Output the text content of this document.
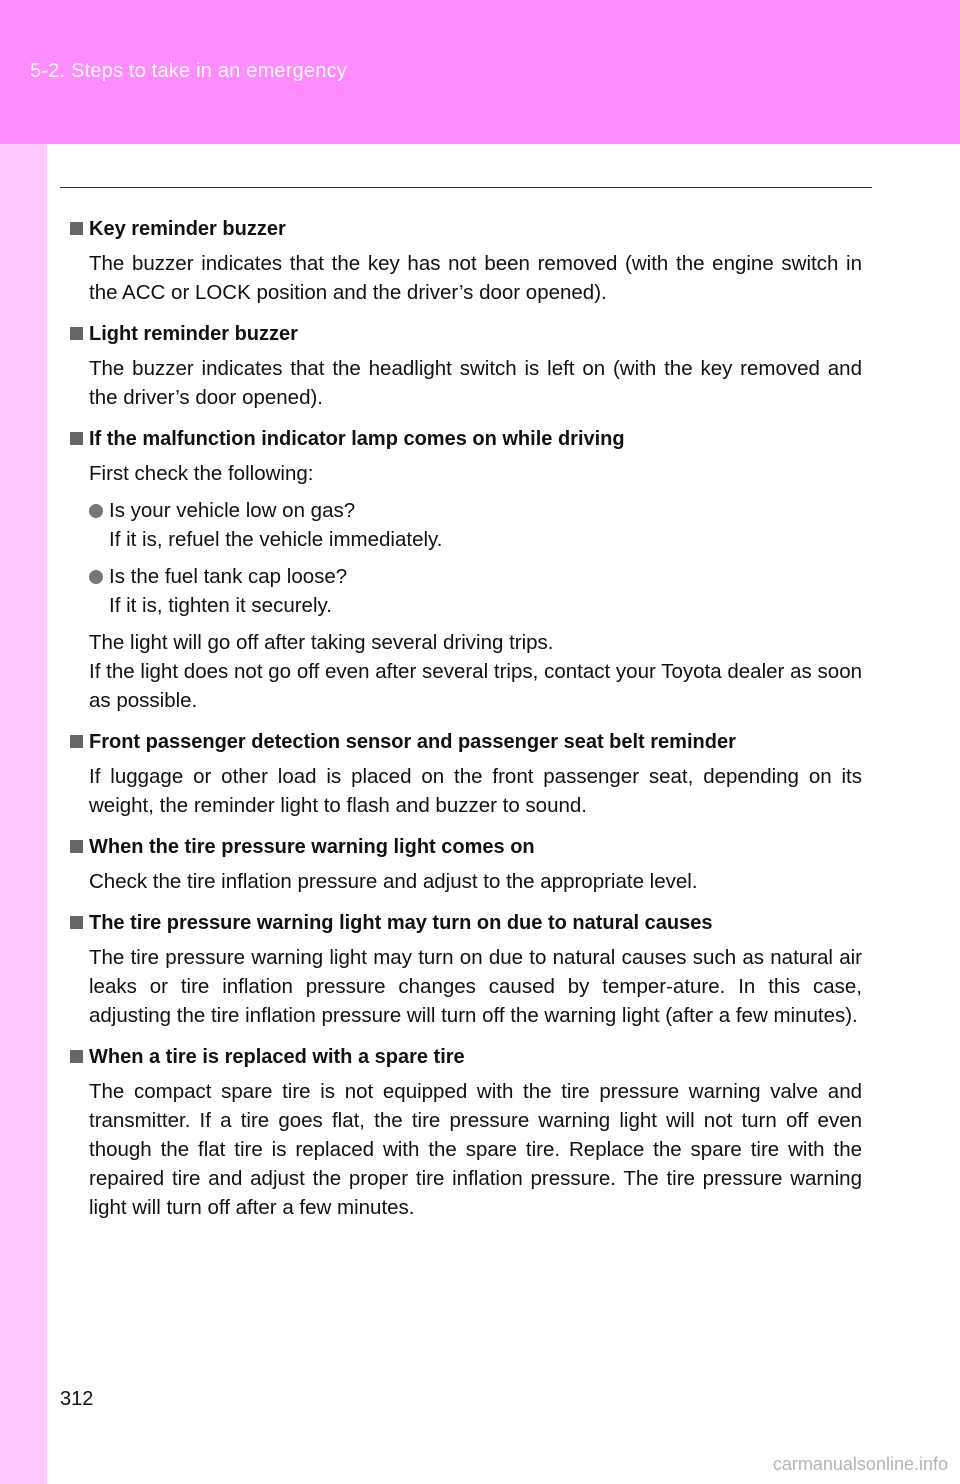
5-2. Steps to take in an emergency
Key reminder buzzer
The buzzer indicates that the key has not been removed (with the engine switch in the ACC or LOCK position and the driver’s door opened).
Light reminder buzzer
The buzzer indicates that the headlight switch is left on (with the key removed and the driver’s door opened).
If the malfunction indicator lamp comes on while driving
First check the following:
Is your vehicle low on gas?
If it is, refuel the vehicle immediately.
Is the fuel tank cap loose?
If it is, tighten it securely.
The light will go off after taking several driving trips.
If the light does not go off even after several trips, contact your Toyota dealer as soon as possible.
Front passenger detection sensor and passenger seat belt reminder
If luggage or other load is placed on the front passenger seat, depending on its weight, the reminder light to flash and buzzer to sound.
When the tire pressure warning light comes on
Check the tire inflation pressure and adjust to the appropriate level.
The tire pressure warning light may turn on due to natural causes
The tire pressure warning light may turn on due to natural causes such as natural air leaks or tire inflation pressure changes caused by temper-ature. In this case, adjusting the tire inflation pressure will turn off the warning light (after a few minutes).
When a tire is replaced with a spare tire
The compact spare tire is not equipped with the tire pressure warning valve and transmitter. If a tire goes flat, the tire pressure warning light will not turn off even though the flat tire is replaced with the spare tire. Replace the spare tire with the repaired tire and adjust the proper tire inflation pressure. The tire pressure warning light will turn off after a few minutes.
312
carmanualsonline.info
